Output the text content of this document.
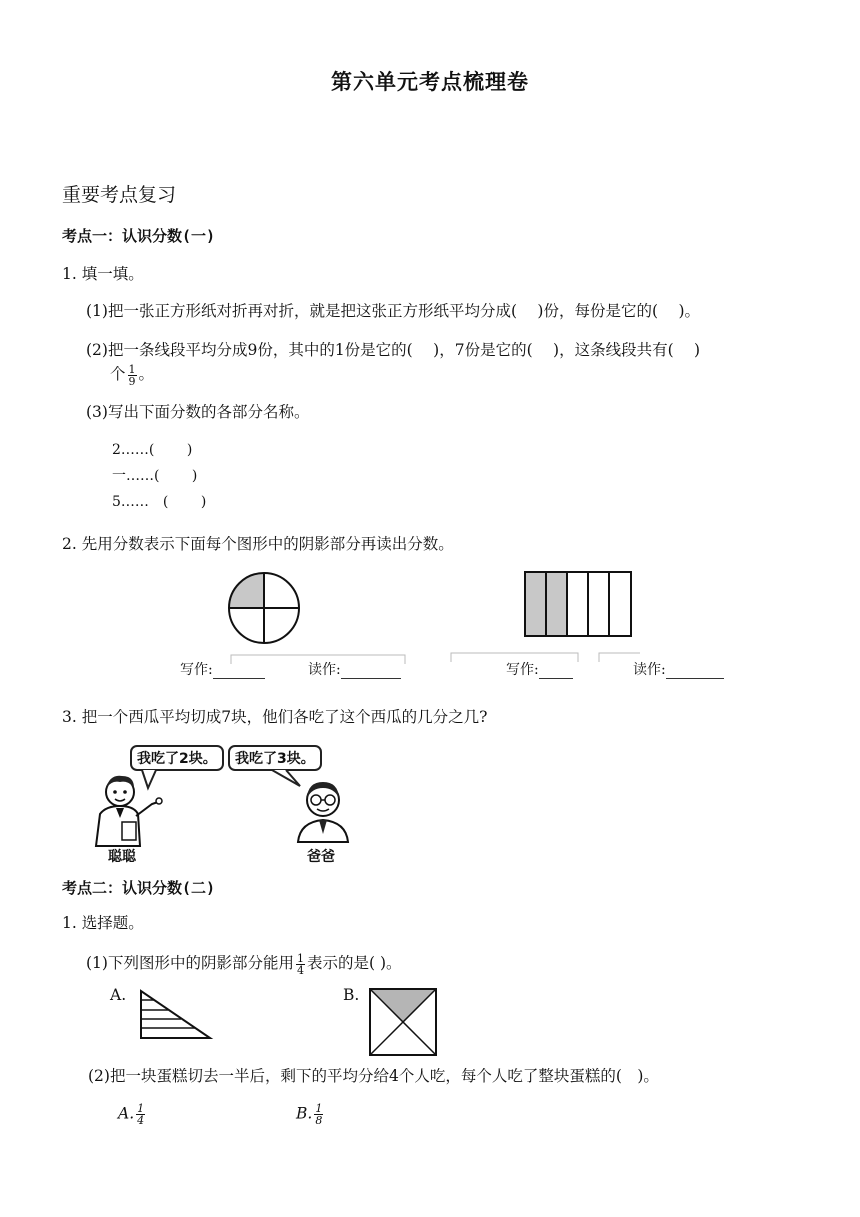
第六单元考点梳理卷
重要考点复习
考点一：认识分数(一)
1. 填一填。
(1)把一张正方形纸对折再对折，就是把这张正方形纸平均分成(　 )份，每份是它的(　 )。
(2)把一条线段平均分成9份，其中的1份是它的(　 )，7份是它的(　 )，这条线段共有(　 )
个 $\frac{1}{9}$ 。
(3)写出下面分数的各部分名称。
2……(　　 )
一……(　　 )
5……　(　　 )
2. 先用分数表示下面每个图形中的阴影部分再读出分数。
写作:	读作:	写作:	读作:
3. 把一个西瓜平均切成7块，他们各吃了这个西瓜的几分之几?
我吃了2块。	我吃了3块。
聪聪	爸爸
考点二：认识分数(二)
1. 选择题。
(1)下列图形中的阴影部分能用 $\frac{1}{4}$ 表示的是( )。
A.	B.
(2)把一块蛋糕切去一半后，剩下的平均分给4个人吃，每个人吃了整块蛋糕的(　)。
A. $\frac{1}{4}$	B. $\frac{1}{8}$
